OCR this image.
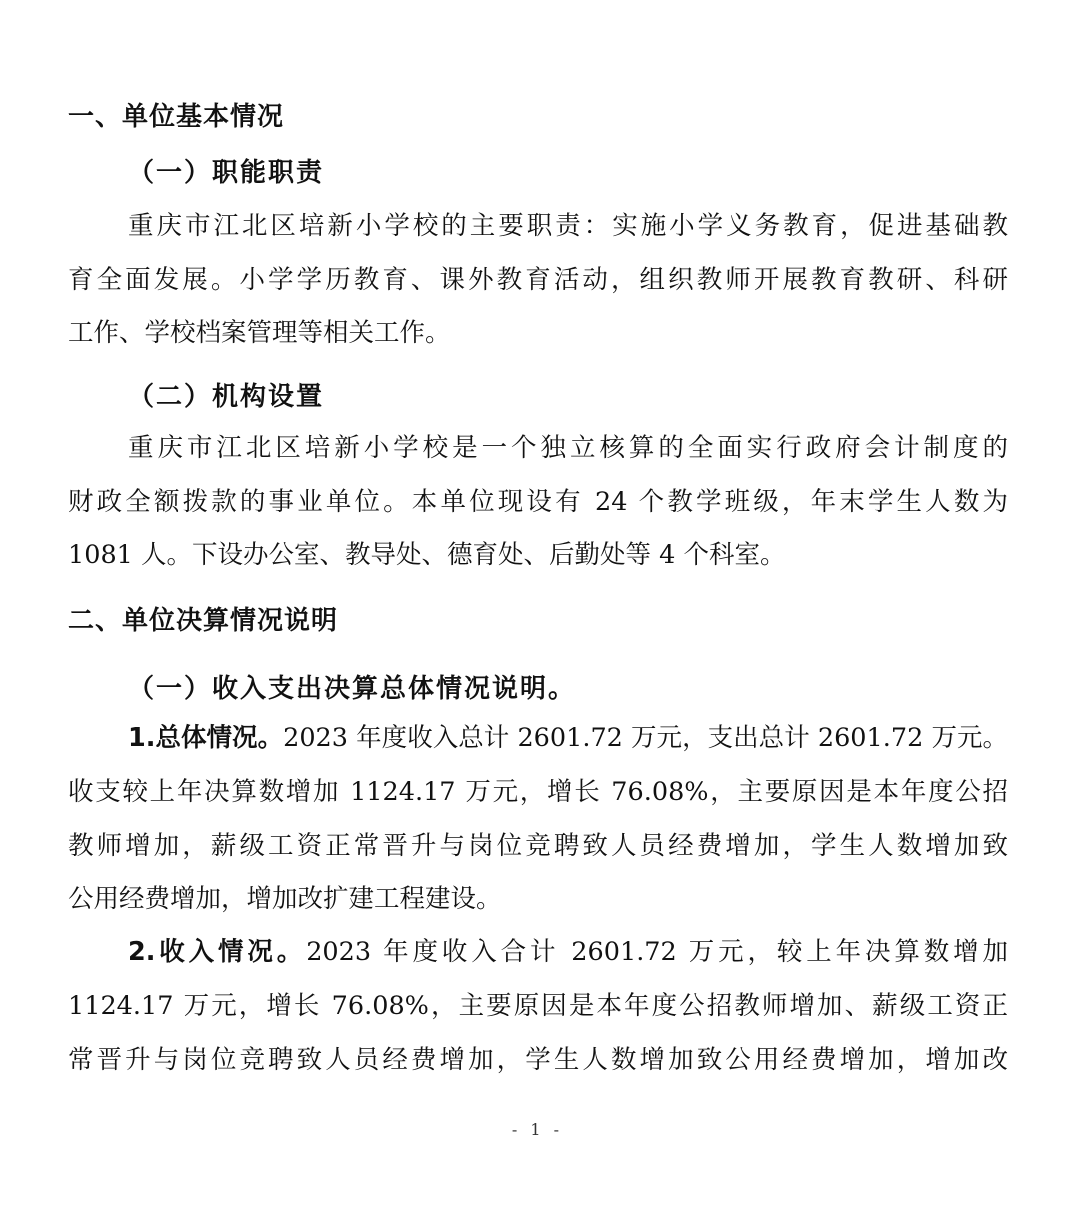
一、单位基本情况
（一）职能职责
重庆市江北区培新小学校的主要职责：实施小学义务教育，促进基础教
育全面发展。小学学历教育、课外教育活动，组织教师开展教育教研、科研
工作、学校档案管理等相关工作。
（二）机构设置
重庆市江北区培新小学校是一个独立核算的全面实行政府会计制度的
财政全额拨款的事业单位。本单位现设有 24 个教学班级，年末学生人数为
1081 人。下设办公室、教导处、德育处、后勤处等 4 个科室。
二、单位决算情况说明
（一）收入支出决算总体情况说明。
1.总体情况。2023 年度收入总计 2601.72 万元，支出总计 2601.72 万元。
收支较上年决算数增加 1124.17 万元，增长 76.08%，主要原因是本年度公招
教师增加，薪级工资正常晋升与岗位竞聘致人员经费增加，学生人数增加致
公用经费增加，增加改扩建工程建设。
2.收入情况。2023 年度收入合计 2601.72 万元，较上年决算数增加
1124.17 万元，增长 76.08%，主要原因是本年度公招教师增加、薪级工资正
常晋升与岗位竞聘致人员经费增加，学生人数增加致公用经费增加，增加改
- 1 -
